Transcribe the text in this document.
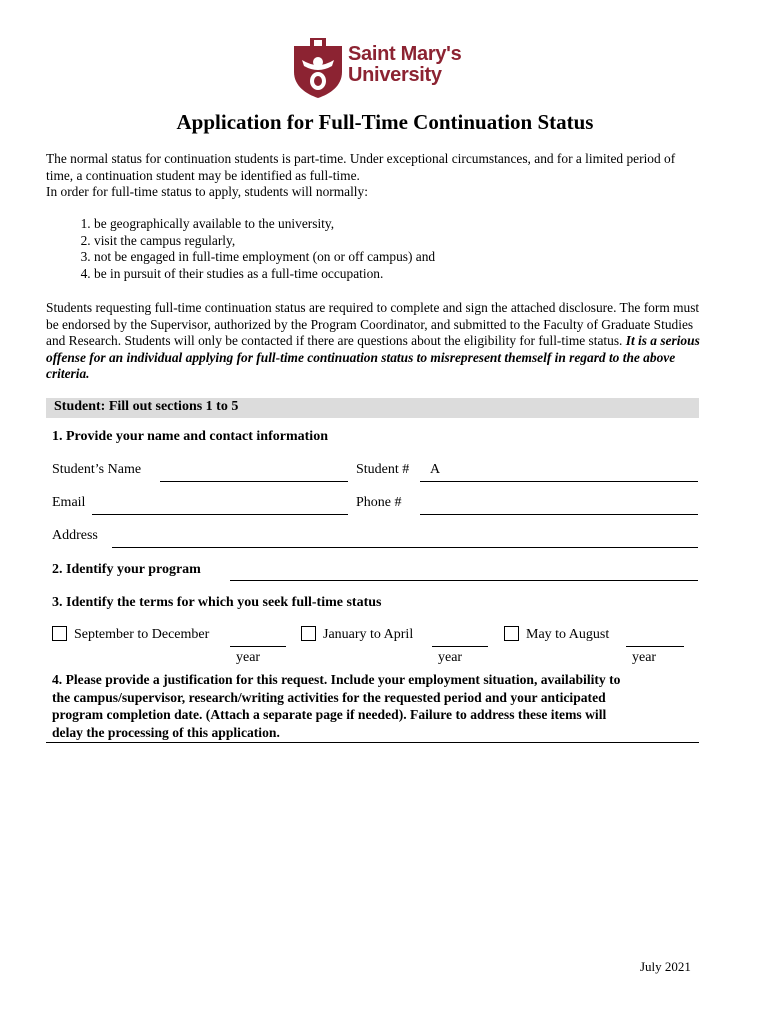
Saint Mary's
University
Application for Full-Time Continuation Status
The normal status for continuation students is part-time. Under exceptional circumstances, and for a limited period of
time, a continuation student may be identified as full-time.
In order for full-time status to apply, students will normally:
1. be geographically available to the university,
2. visit the campus regularly,
3. not be engaged in full-time employment (on or off campus) and
4. be in pursuit of their studies as a full-time occupation.
Students requesting full-time continuation status are required to complete and sign the attached disclosure. The form must
be endorsed by the Supervisor, authorized by the Program Coordinator, and submitted to the Faculty of Graduate Studies
and Research. Students will only be contacted if there are questions about the eligibility for full-time status. It is a serious
offense for an individual applying for full-time continuation status to misrepresent themself in regard to the above
criteria.
Student: Fill out sections 1 to 5
1. Provide your name and contact information
Student’s Name	Student # A
Email	Phone #
Address
2. Identify your program
3. Identify the terms for which you seek full-time status
September to December
year
January to April
year
May to August
year
4. Please provide a justification for this request. Include your employment situation, availability to
the campus/supervisor, research/writing activities for the requested period and your anticipated
program completion date. (Attach a separate page if needed). Failure to address these items will
delay the processing of this application.
July 2021
